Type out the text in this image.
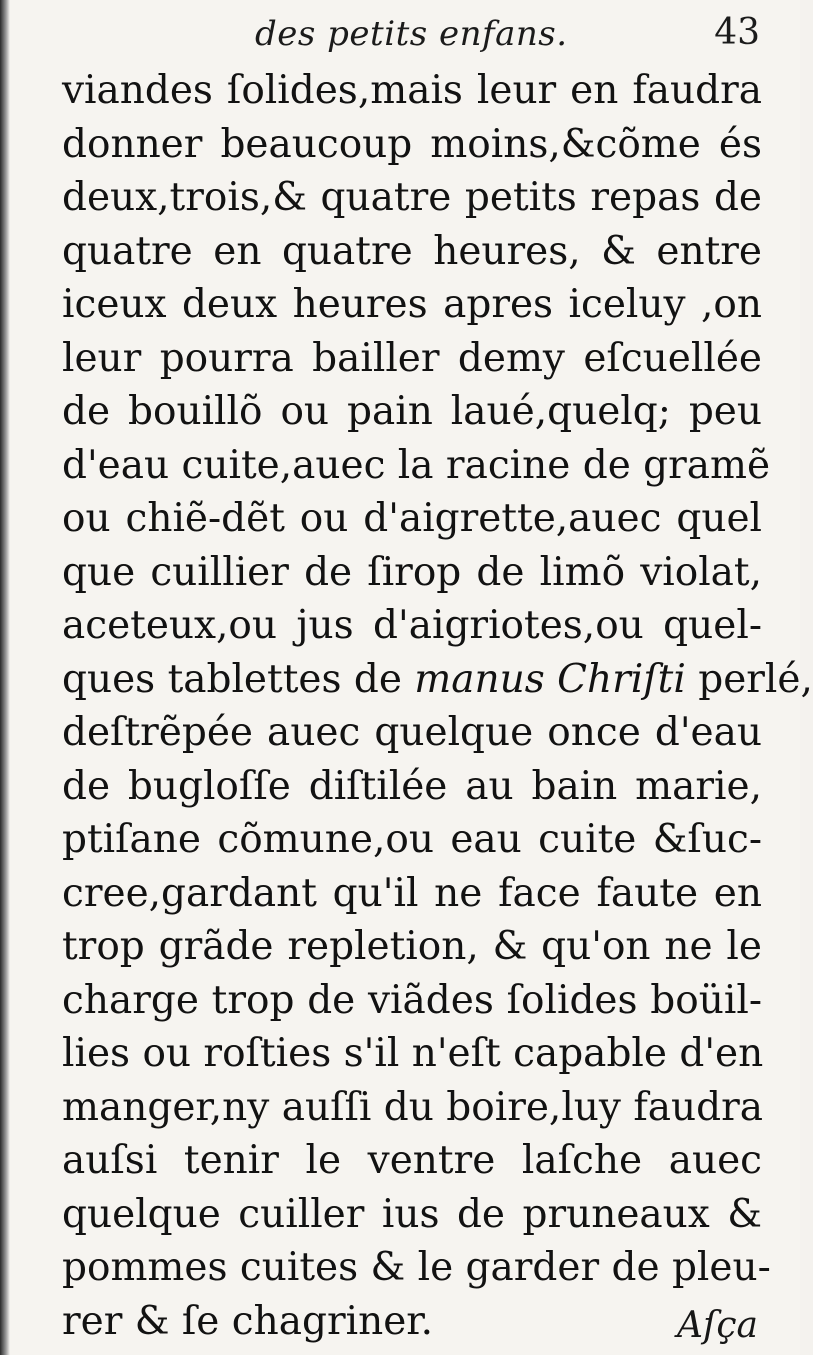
des petits enfans.	43
viandes ſolides,mais leur en faudra
donner beaucoup moins,&cõme és
deux,trois,& quatre petits repas de
quatre en quatre heures, & entre
iceux deux heures apres iceluy ,on
leur pourra bailler demy eſcuellée
de bouillõ ou pain laué,quelq; peu
d'eau cuite,auec la racine de gramẽ
ou chiẽ-dẽt ou d'aigrette,auec quel
que cuillier de ſirop de limõ violat,
aceteux,ou jus d'aigriotes,ou quel-
ques tablettes de manus Chriſti perlé,
deſtrẽpée auec quelque once d'eau
de bugloſſe diſtilée au bain marie,
ptiſane cõmune,ou eau cuite &ſuc-
cree,gardant qu'il ne face faute en
trop grãde repletion, & qu'on ne le
charge trop de viãdes ſolides boüil-
lies ou roſties s'il n'eſt capable d'en
manger,ny auſſi du boire,luy faudra
auſsi tenir le ventre laſche auec
quelque cuiller ius de pruneaux &
pommes cuites & le garder de pleu-
rer & ſe chagriner.	Aſça
